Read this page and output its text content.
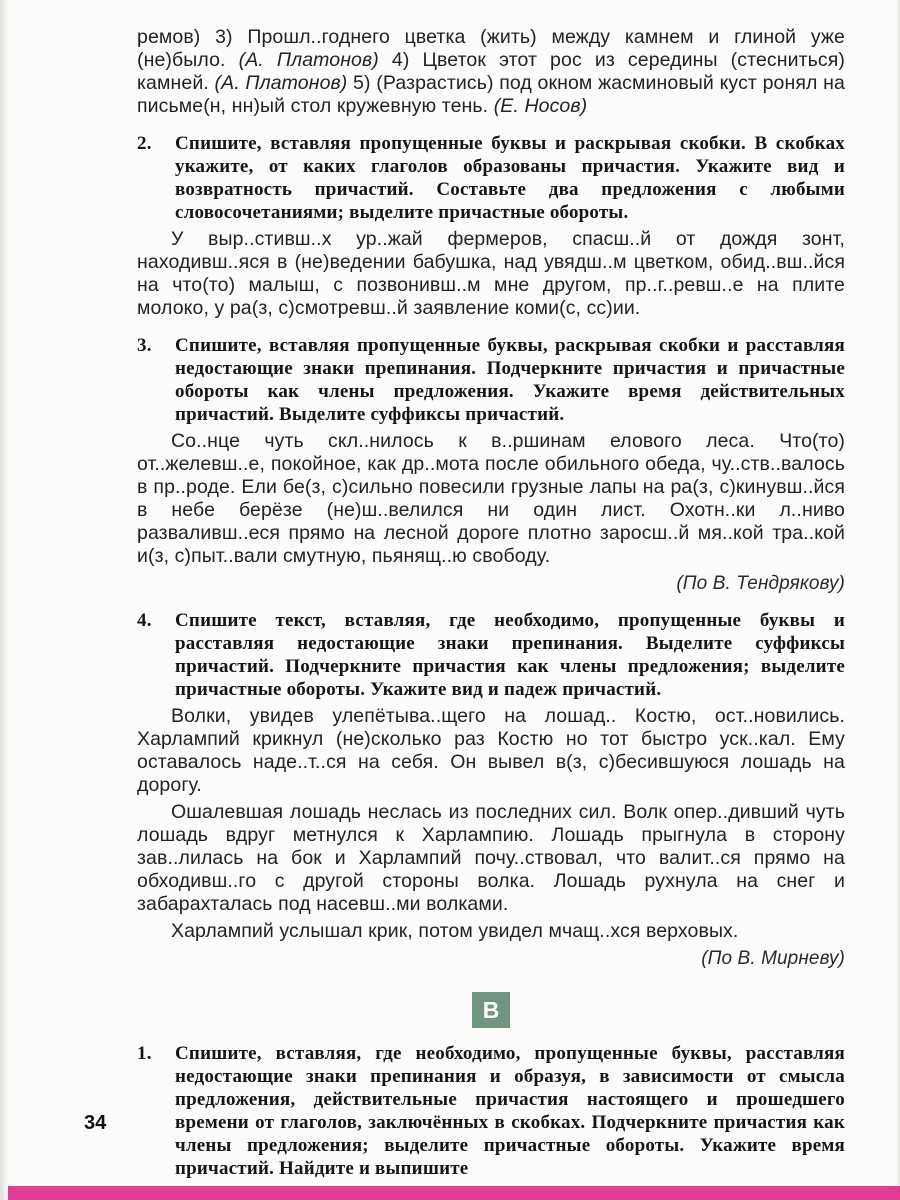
ремов) 3) Прошл..годнего цветка (жить) между камнем и глиной уже (не)было. (А. Платонов) 4) Цветок этот рос из середины (стесниться) камней. (А. Платонов) 5) (Разрастись) под окном жасминовый куст ронял на письме(н, нн)ый стол кружевную тень. (Е. Носов)

2.	Спишите, вставляя пропущенные буквы и раскрывая скобки. В скобках укажите, от каких глаголов образованы причастия. Укажите вид и возвратность причастий. Составьте два предложения с любыми словосочетаниями; выделите причастные обороты.

У выр..стивш..х ур..жай фермеров, спасш..й от дождя зонт, находивш..яся в (не)ведении бабушка, над увядш..м цветком, обид..вш..йся на что(то) малыш, с позвонивш..м мне другом, пр..г..ревш..е на плите молоко, у ра(з, с)смотревш..й заявление коми(с, сс)ии.

3.	Спишите, вставляя пропущенные буквы, раскрывая скобки и расставляя недостающие знаки препинания. Подчеркните причастия и причастные обороты как члены предложения. Укажите время действительных причастий. Выделите суффиксы причастий.

Со..нце чуть скл..нилось к в..ршинам елового леса. Что(то) от..желевш..е, покойное, как др..мота после обильного обеда, чу..ств..валось в пр..роде. Ели бе(з, с)сильно повесили грузные лапы на ра(з, с)кинувш..йся в небе берёзе (не)ш..велился ни один лист. Охотн..ки л..ниво разваливш..еся прямо на лесной дороге плотно заросш..й мя..кой тра..кой и(з, с)пыт..вали смутную, пьянящ..ю свободу.

(По В. Тендрякову)

4.	Спишите текст, вставляя, где необходимо, пропущенные буквы и расставляя недостающие знаки препинания. Выделите суффиксы причастий. Подчеркните причастия как члены предложения; выделите причастные обороты. Укажите вид и падеж причастий.

Волки, увидев улепётыва..щего на лошад.. Костю, ост..новились. Харлампий крикнул (не)сколько раз Костю но тот быстро уск..кал. Ему оставалось наде..т..ся на себя. Он вывел в(з, с)бесившуюся лошадь на дорогу.

Ошалевшая лошадь неслась из последних сил. Волк опер..дивший чуть лошадь вдруг метнулся к Харлампию. Лошадь прыгнула в сторону зав..лилась на бок и Харлампий почу..ствовал, что валит..ся прямо на обходивш..го с другой стороны волка. Лошадь рухнула на снег и забарахталась под насевш..ми волками.

Харлампий услышал крик, потом увидел мчащ..хся верховых.

(По В. Мирневу)

В
1.	Спишите, вставляя, где необходимо, пропущенные буквы, расставляя недостающие знаки препинания и образуя, в зависимости от смысла предложения, действительные причастия настоящего и прошедшего времени от глаголов, заключённых в скобках. Подчеркните причастия как члены предложения; выделите причастные обороты. Укажите время причастий. Найдите и выпишите
34
